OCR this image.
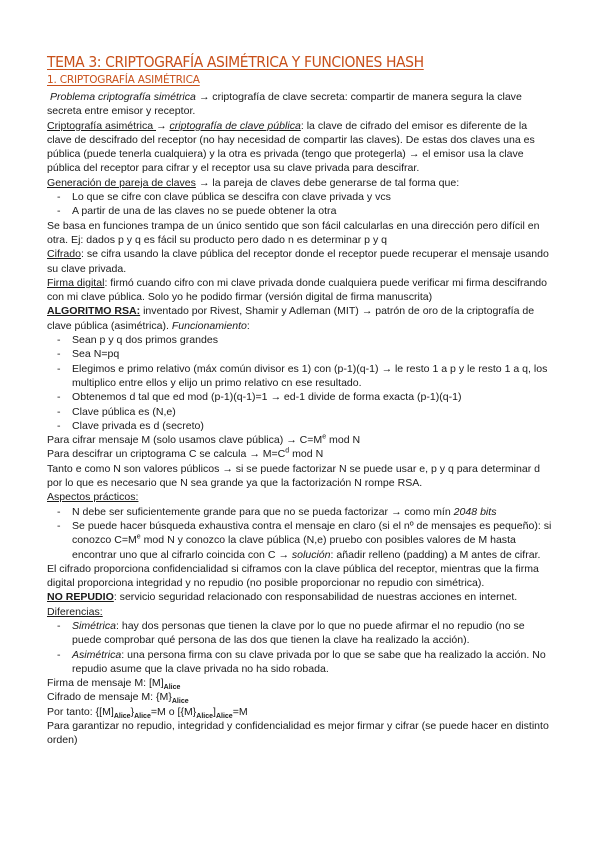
TEMA 3: CRIPTOGRAFÍA ASIMÉTRICA Y FUNCIONES HASH
1. CRIPTOGRAFÍA ASIMÉTRICA

Problema criptografía simétrica → criptografía de clave secreta: compartir de manera segura la clave secreta entre emisor y receptor.

Criptografía asimétrica → criptografía de clave pública: la clave de cifrado del emisor es diferente de la clave de descifrado del receptor (no hay necesidad de compartir las claves). De estas dos claves una es pública (puede tenerla cualquiera) y la otra es privada (tengo que protegerla) → el emisor usa la clave pública del receptor para cifrar y el receptor usa su clave privada para descifrar.

Generación de pareja de claves → la pareja de claves debe generarse de tal forma que:

- Lo que se cifre con clave pública se descifra con clave privada y vcs
- A partir de una de las claves no se puede obtener la otra

Se basa en funciones trampa de un único sentido que son fácil calcularlas en una dirección pero difícil en otra. Ej: dados p y q es fácil su producto pero dado n es determinar p y q

Cifrado: se cifra usando la clave pública del receptor donde el receptor puede recuperar el mensaje usando su clave privada.

Firma digital: firmó cuando cifro con mi clave privada donde cualquiera puede verificar mi firma descifrando con mi clave pública. Solo yo he podido firmar (versión digital de firma manuscrita)

ALGORITMO RSA: inventado por Rivest, Shamir y Adleman (MIT) → patrón de oro de la criptografía de clave pública (asimétrica). Funcionamiento:

- Sean p y q dos primos grandes
- Sea N=pq
- Elegimos e primo relativo (máx común divisor es 1) con (p-1)(q-1) → le resto 1 a p y le resto 1 a q, los multiplico entre ellos y elijo un primo relativo cn ese resultado.
- Obtenemos d tal que ed mod (p-1)(q-1)=1 → ed-1 divide de forma exacta (p-1)(q-1)
- Clave pública es (N,e)
- Clave privada es d (secreto)

Para cifrar mensaje M (solo usamos clave pública) → $C=M^e$ mod N

Para descifrar un criptograma C se calcula → $M=C^d$ mod N

Tanto e como N son valores públicos → si se puede factorizar N se puede usar e, p y q para determinar d por lo que es necesario que N sea grande ya que la factorización N rompe RSA.

Aspectos prácticos:

- N debe ser suficientemente grande para que no se pueda factorizar → como mín 2048 bits
- Se puede hacer búsqueda exhaustiva contra el mensaje en claro (si el nº de mensajes es pequeño): si conozco $C=M^e$ mod N y conozco la clave pública (N,e) pruebo con posibles valores de M hasta encontrar uno que al cifrarlo coincida con C → solución: añadir relleno (padding) a M antes de cifrar.

El cifrado proporciona confidencialidad si ciframos con la clave pública del receptor, mientras que la firma digital proporciona integridad y no repudio (no posible proporcionar no repudio con simétrica).

NO REPUDIO: servicio seguridad relacionado con responsabilidad de nuestras acciones en internet.

Diferencias:

- Simétrica: hay dos personas que tienen la clave por lo que no puede afirmar el no repudio (no se puede comprobar qué persona de las dos que tienen la clave ha realizado la acción).
- Asimétrica: una persona firma con su clave privada por lo que se sabe que ha realizado la acción. No repudio asume que la clave privada no ha sido robada.

Firma de mensaje M: $[M]_{Alice}$

Cifrado de mensaje M: $\{M\}_{Alice}$

Por tanto: $\{[M]_{Alice}\}_{Alice}=M$ o $[\{M\}_{Alice}]_{Alice}=M$

Para garantizar no repudio, integridad y confidencialidad es mejor firmar y cifrar (se puede hacer en distinto orden)
